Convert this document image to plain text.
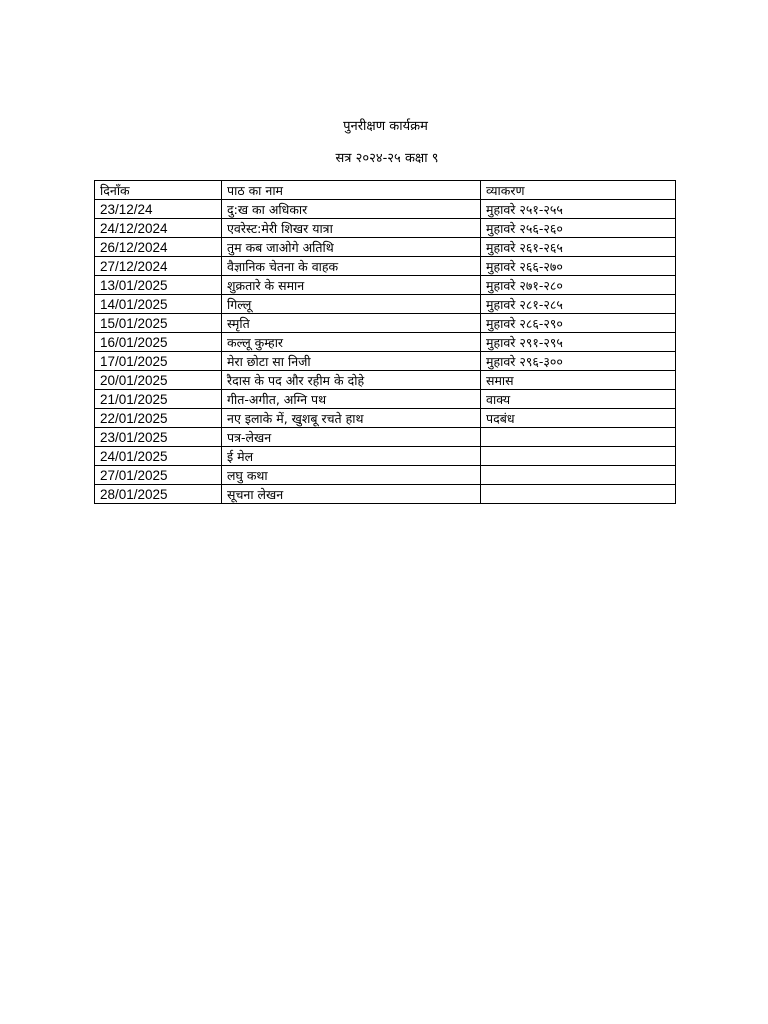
पुनरीक्षण कार्यक्रम
सत्र २०२४-२५ कक्षा ९
दिनाँक	पाठ का नाम	व्याकरण
23/12/24	दु:ख का अधिकार	मुहावरे २५१-२५५
24/12/2024	एवरेस्ट:मेरी शिखर यात्रा	मुहावरे २५६-२६०
26/12/2024	तुम कब जाओगे अतिथि	मुहावरे २६१-२६५
27/12/2024	वैज्ञानिक चेतना के वाहक	मुहावरे २६६-२७०
13/01/2025	शुक्रतारे के समान	मुहावरे २७१-२८०
14/01/2025	गिल्लू	मुहावरे २८१-२८५
15/01/2025	स्मृति	मुहावरे २८६-२९०
16/01/2025	कल्लू कुम्हार	मुहावरे २९१-२९५
17/01/2025	मेरा छोटा सा निजी	मुहावरे २९६-३००
20/01/2025	रैदास के पद और रहीम के दोहे	समास
21/01/2025	गीत-अगीत, अग्नि पथ	वाक्य
22/01/2025	नए इलाके में, खुशबू रचते हाथ	पदबंध
23/01/2025	पत्र-लेखन	
24/01/2025	ई मेल	
27/01/2025	लघु कथा	
28/01/2025	सूचना लेखन	
